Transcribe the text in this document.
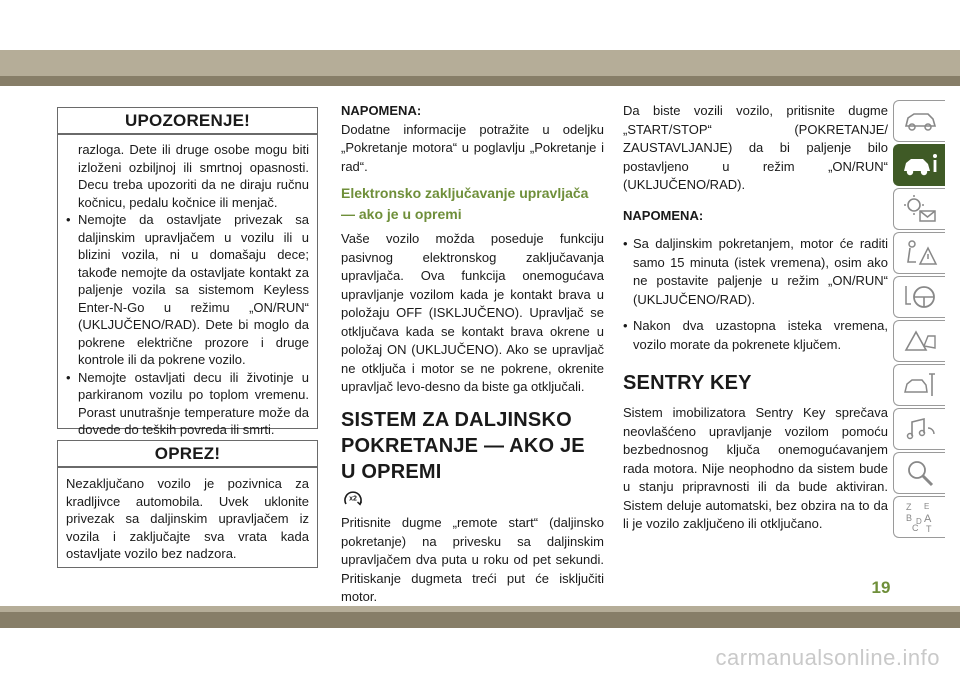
UPOZORENJE!
razloga. Dete ili druge osobe mogu biti izloženi ozbiljnoj ili smrtnoj opasnosti. Decu treba upozoriti da ne diraju ručnu kočnicu, pedalu kočnice ili menjač.
• Nemojte da ostavljate privezak sa daljinskim upravljačem u vozilu ili u blizini vozila, ni u domašaju dece; takođe nemojte da ostavljate kontakt za paljenje vozila sa sistemom Keyless Enter-N-Go u režimu „ON/RUN“ (UKLJUČENO/RAD). Dete bi moglo da pokrene električne prozore i druge kontrole ili da pokrene vozilo.
• Nemojte ostavljati decu ili životinje u parkiranom vozilu po toplom vremenu. Porast unutrašnje temperature može da dovede do teških povreda ili smrti.
OPREZ!
Nezaključano vozilo je pozivnica za kradljivce automobila. Uvek uklonite privezak sa daljinskim upravljačem iz vozila i zaključajte sva vrata kada ostavljate vozilo bez nadzora.
NAPOMENA:

Dodatne informacije potražite u odeljku „Pokretanje motora“ u poglavlju „Pokretanje i rad“.

Elektronsko zaključavanje upravljača — ako je u opremi

Vaše vozilo možda poseduje funkciju pasivnog elektronskog zaključavanja upravljača. Ova funkcija onemogućava upravljanje vozilom kada je kontakt brava u položaju OFF (ISKLJUČENO). Upravljač se otključava kada se kontakt brava okrene u položaj ON (UKLJUČENO). Ako se upravljač ne otključa i motor se ne pokrene, okrenite upravljač levo-desno da biste ga otključali.

SISTEM ZA DALJINSKO POKRETANJE — AKO JE U OPREMI
x2

Pritisnite dugme „remote start“ (daljinsko pokretanje) na privesku sa daljinskim upravljačem dva puta u roku od pet sekundi. Pritiskanje dugmeta treći put će isključiti motor.

Da biste vozili vozilo, pritisnite dugme „START/STOP“ (POKRETANJE/ ZAUSTAVLJANJE) da bi paljenje bilo postavljeno u režim „ON/RUN“ (UKLJUČENO/RAD).

NAPOMENA:

• Sa daljinskim pokretanjem, motor će raditi samo 15 minuta (istek vremena), osim ako ne postavite paljenje u režim „ON/RUN“ (UKLJUČENO/RAD).

• Nakon dva uzastopna isteka vremena, vozilo morate da pokrenete ključem.

SENTRY KEY

Sistem imobilizatora Sentry Key sprečava neovlašćeno upravljanje vozilom pomoću bezbednosnog ključa onemogućavanjem rada motora. Nije neophodno da sistem bude u stanju pripravnosti ili da bude aktiviran. Sistem deluje automatski, bez obzira na to da li je vozilo zaključeno ili otključano.

Z E
B A
C
D
T
19
carmanualsonline.info
